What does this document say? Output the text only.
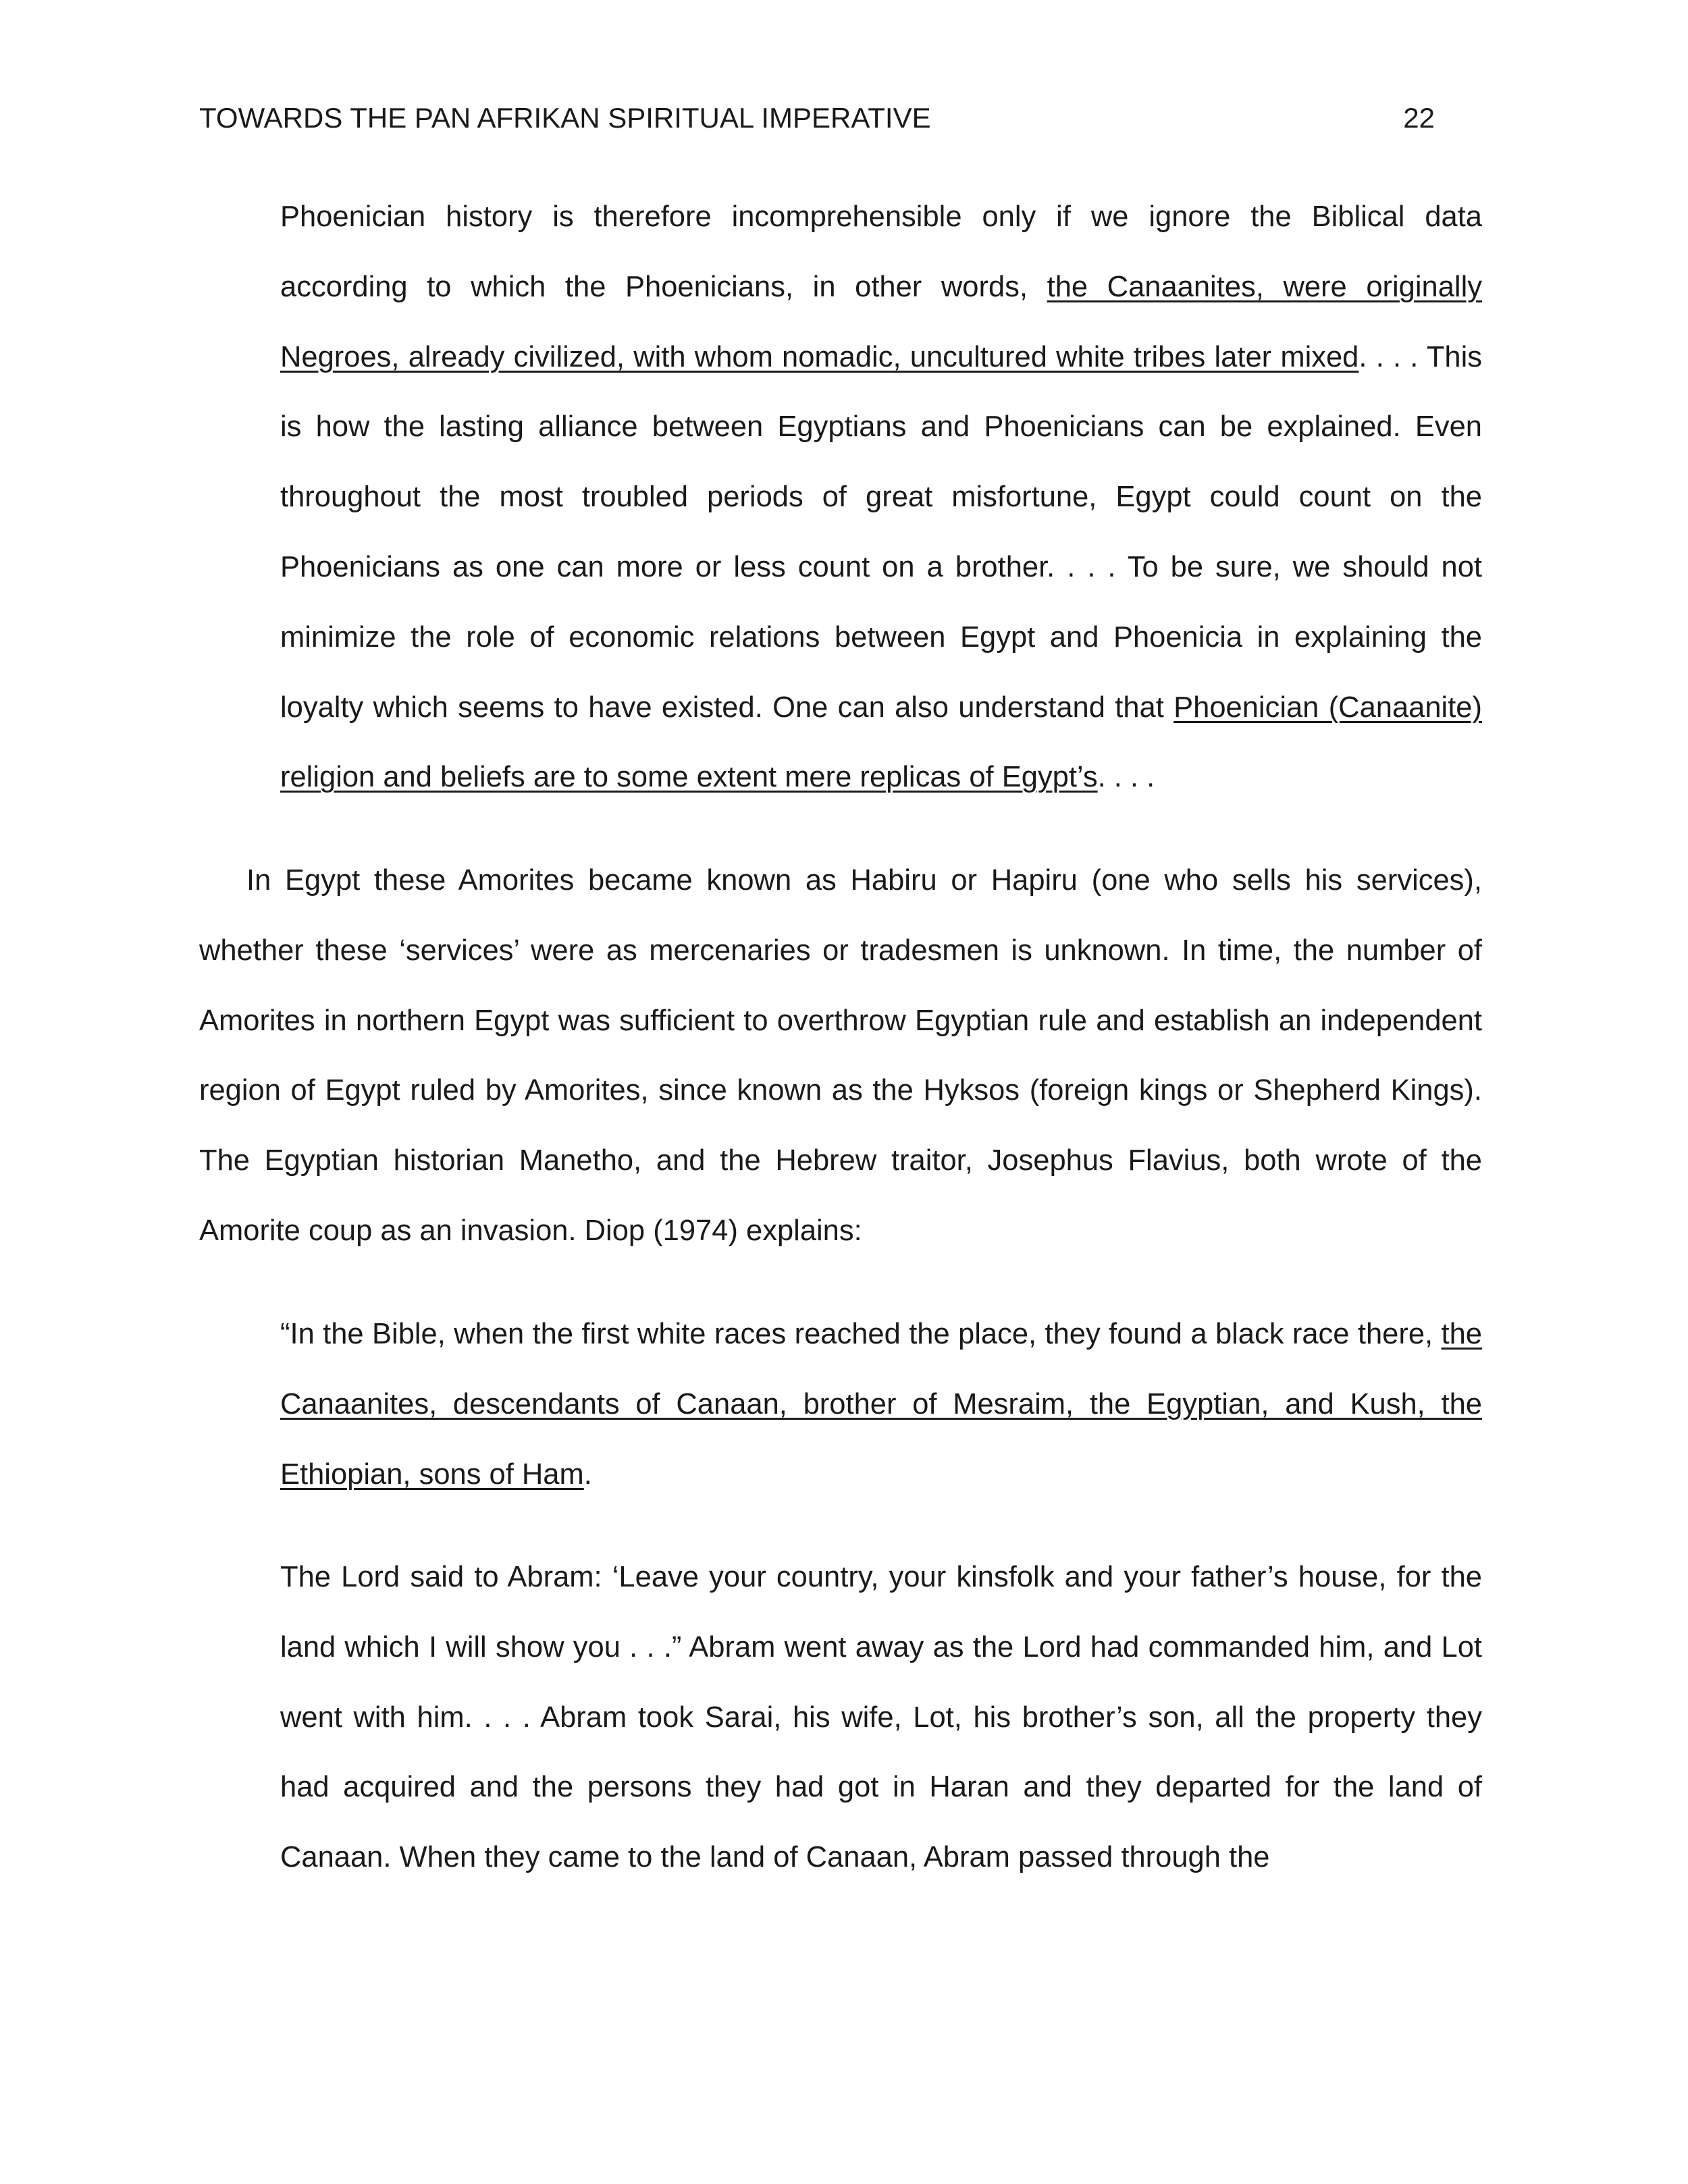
TOWARDS THE PAN AFRIKAN SPIRITUAL IMPERATIVE	22

Phoenician history is therefore incomprehensible only if we ignore the Biblical data according to which the Phoenicians, in other words, the Canaanites, were originally Negroes, already civilized, with whom nomadic, uncultured white tribes later mixed. . . . This is how the lasting alliance between Egyptians and Phoenicians can be explained. Even throughout the most troubled periods of great misfortune, Egypt could count on the Phoenicians as one can more or less count on a brother. . . . To be sure, we should not minimize the role of economic relations between Egypt and Phoenicia in explaining the loyalty which seems to have existed. One can also understand that Phoenician (Canaanite) religion and beliefs are to some extent mere replicas of Egypt’s. . . .

In Egypt these Amorites became known as Habiru or Hapiru (one who sells his services), whether these ‘services’ were as mercenaries or tradesmen is unknown. In time, the number of Amorites in northern Egypt was sufficient to overthrow Egyptian rule and establish an independent region of Egypt ruled by Amorites, since known as the Hyksos (foreign kings or Shepherd Kings). The Egyptian historian Manetho, and the Hebrew traitor, Josephus Flavius, both wrote of the Amorite coup as an invasion. Diop (1974) explains:

“In the Bible, when the first white races reached the place, they found a black race there, the Canaanites, descendants of Canaan, brother of Mesraim, the Egyptian, and Kush, the Ethiopian, sons of Ham.

The Lord said to Abram: ‘Leave your country, your kinsfolk and your father’s house, for the land which I will show you . . .” Abram went away as the Lord had commanded him, and Lot went with him. . . . Abram took Sarai, his wife, Lot, his brother’s son, all the property they had acquired and the persons they had got in Haran and they departed for the land of Canaan. When they came to the land of Canaan, Abram passed through the
